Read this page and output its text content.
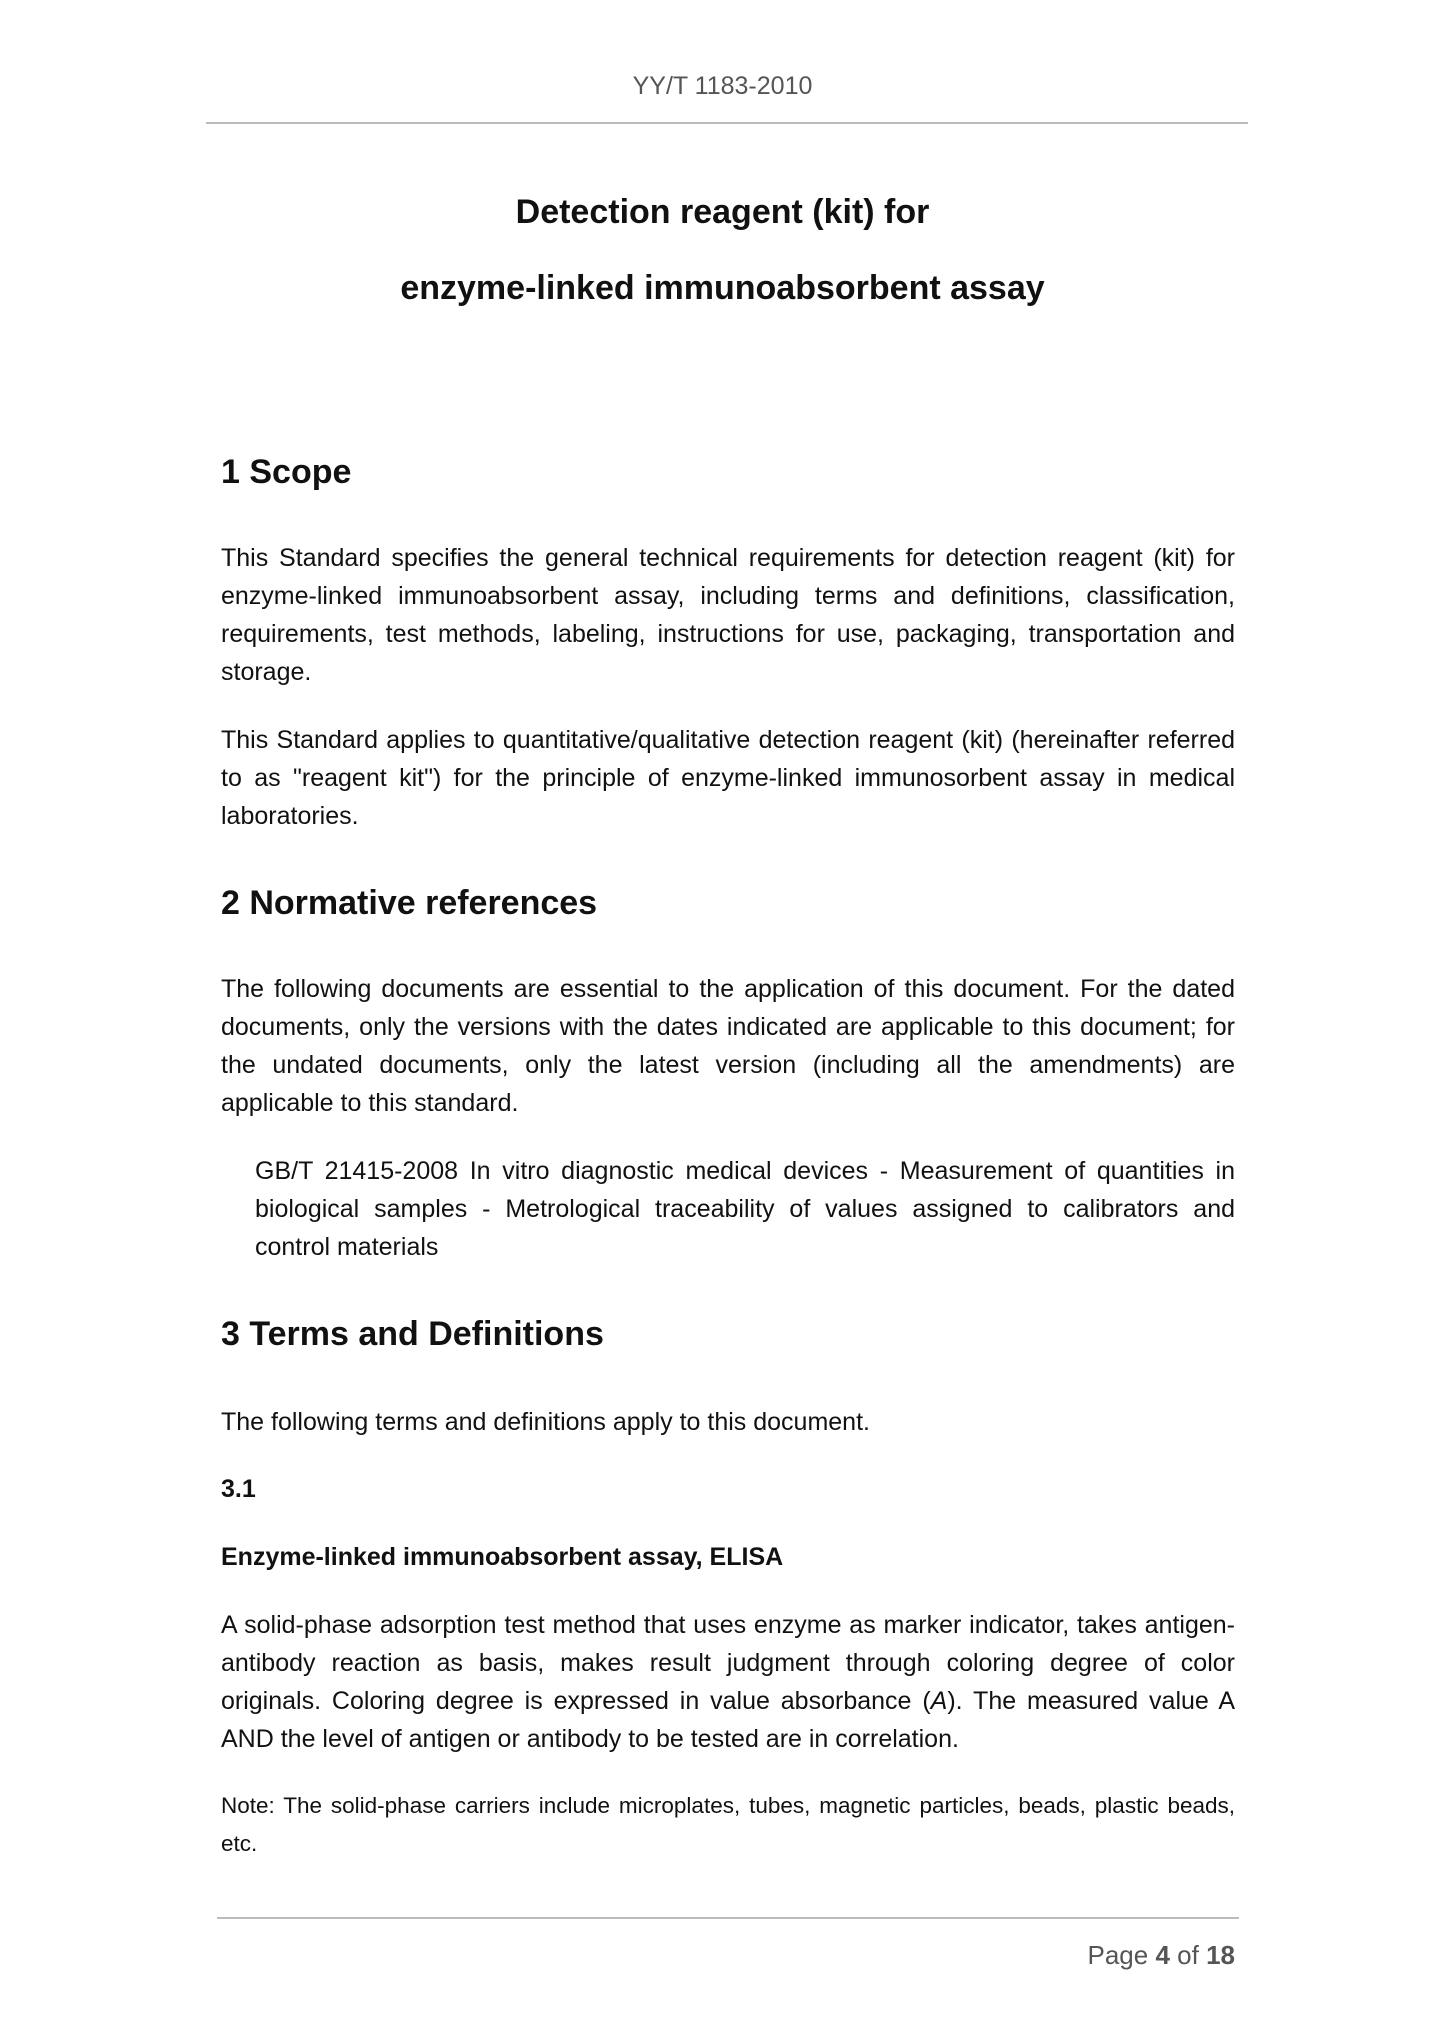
YY/T 1183-2010
Detection reagent (kit) for
enzyme-linked immunoabsorbent assay
1 Scope
This Standard specifies the general technical requirements for detection reagent (kit) for enzyme-linked immunoabsorbent assay, including terms and definitions, classification, requirements, test methods, labeling, instructions for use, packaging, transportation and storage.
This Standard applies to quantitative/qualitative detection reagent (kit) (hereinafter referred to as "reagent kit") for the principle of enzyme-linked immunosorbent assay in medical laboratories.
2 Normative references
The following documents are essential to the application of this document. For the dated documents, only the versions with the dates indicated are applicable to this document; for the undated documents, only the latest version (including all the amendments) are applicable to this standard.
GB/T 21415-2008 In vitro diagnostic medical devices - Measurement of quantities in biological samples - Metrological traceability of values assigned to calibrators and control materials
3 Terms and Definitions
The following terms and definitions apply to this document.
3.1
Enzyme-linked immunoabsorbent assay, ELISA
A solid-phase adsorption test method that uses enzyme as marker indicator, takes antigen-antibody reaction as basis, makes result judgment through coloring degree of color originals. Coloring degree is expressed in value absorbance (A). The measured value A AND the level of antigen or antibody to be tested are in correlation.
Note: The solid-phase carriers include microplates, tubes, magnetic particles, beads, plastic beads, etc.
Page 4 of 18
